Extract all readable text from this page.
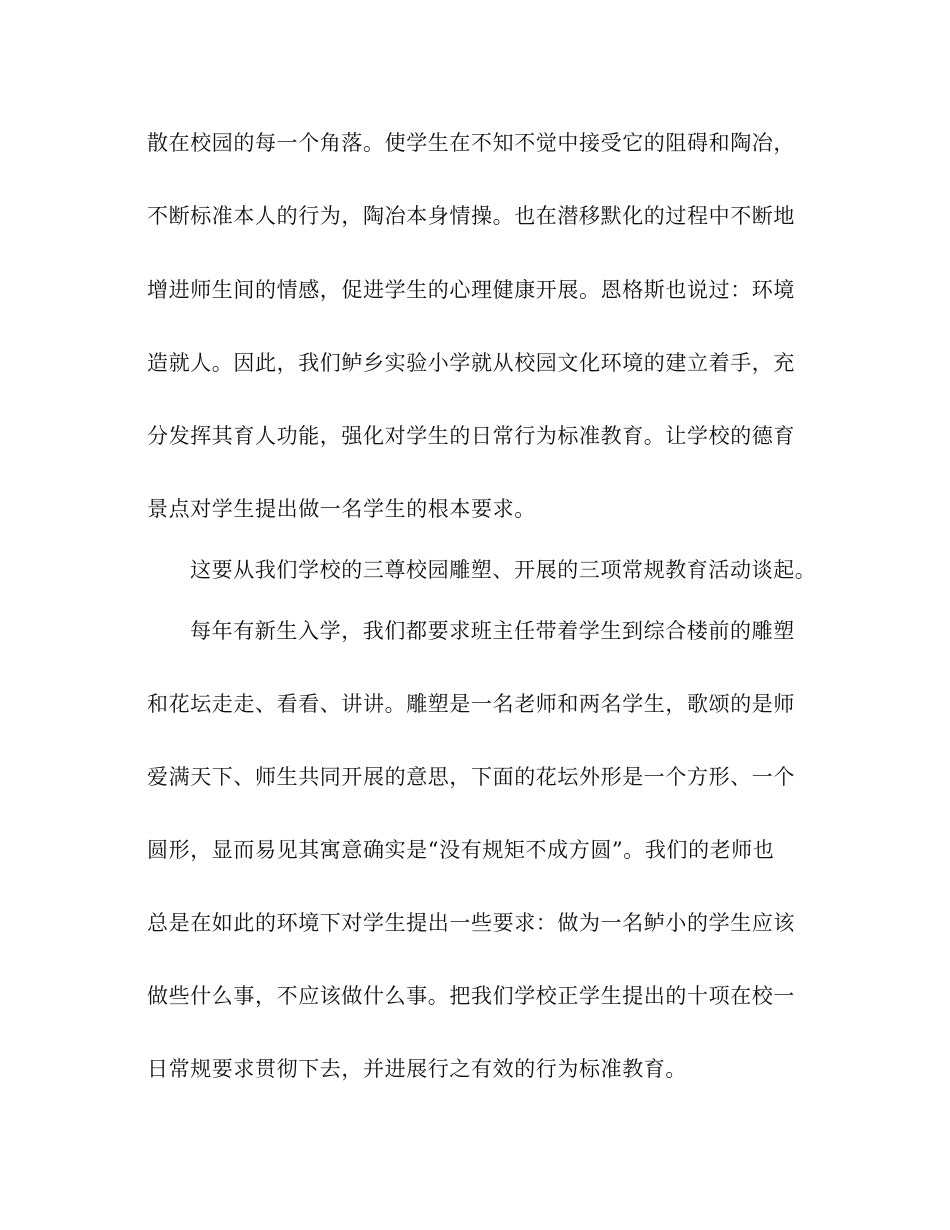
散在校园的每一个角落。使学生在不知不觉中接受它的阻碍和陶冶，
不断标准本人的行为，陶冶本身情操。也在潜移默化的过程中不断地
增进师生间的情感，促进学生的心理健康开展。恩格斯也说过：环境
造就人。因此，我们鲈乡实验小学就从校园文化环境的建立着手，充
分发挥其育人功能，强化对学生的日常行为标准教育。让学校的德育
景点对学生提出做一名学生的根本要求。
这要从我们学校的三尊校园雕塑、开展的三项常规教育活动谈起。
每年有新生入学，我们都要求班主任带着学生到综合楼前的雕塑
和花坛走走、看看、讲讲。雕塑是一名老师和两名学生，歌颂的是师
爱满天下、师生共同开展的意思，下面的花坛外形是一个方形、一个
圆形，显而易见其寓意确实是“没有规矩不成方圆”。我们的老师也
总是在如此的环境下对学生提出一些要求：做为一名鲈小的学生应该
做些什么事，不应该做什么事。把我们学校正学生提出的十项在校一
日常规要求贯彻下去，并进展行之有效的行为标准教育。
